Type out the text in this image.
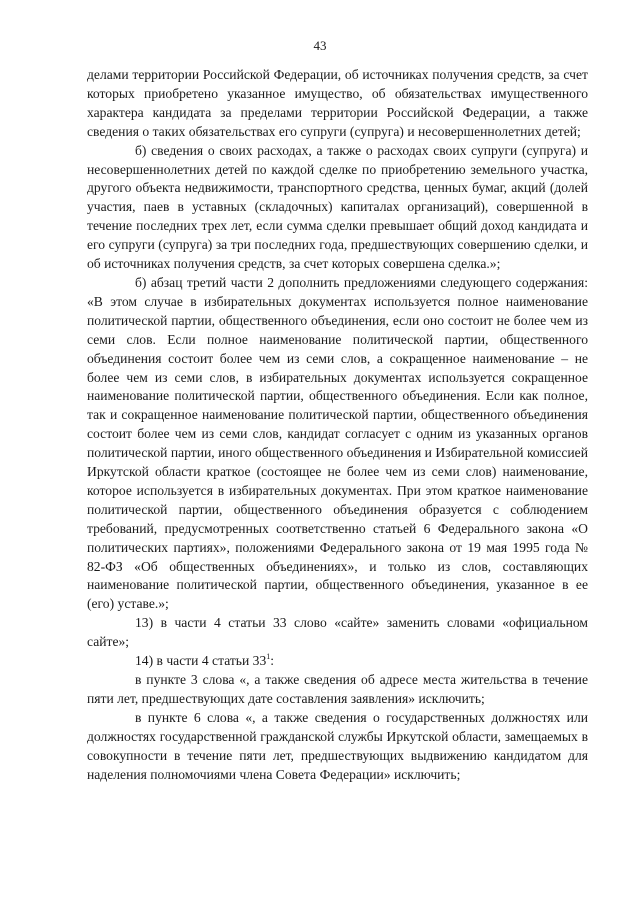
43

делами территории Российской Федерации, об источниках получения средств, за счет которых приобретено указанное имущество, об обязательствах имущественного характера кандидата за пределами территории Российской Федерации, а также сведения о таких обязательствах его супруги (супруга) и несовершеннолетних детей;

б) сведения о своих расходах, а также о расходах своих супруги (супруга) и несовершеннолетних детей по каждой сделке по приобретению земельного участка, другого объекта недвижимости, транспортного средства, ценных бумаг, акций (долей участия, паев в уставных (складочных) капиталах организаций), совершенной в течение последних трех лет, если сумма сделки превышает общий доход кандидата и его супруги (супруга) за три последних года, предшествующих совершению сделки, и об источниках получения средств, за счет которых совершена сделка.»;

б) абзац третий части 2 дополнить предложениями следующего содержания: «В этом случае в избирательных документах используется полное наименование политической партии, общественного объединения, если оно состоит не более чем из семи слов. Если полное наименование политической партии, общественного объединения состоит более чем из семи слов, а сокращенное наименование – не более чем из семи слов, в избирательных документах используется сокращенное наименование политической партии, общественного объединения. Если как полное, так и сокращенное наименование политической партии, общественного объединения состоит более чем из семи слов, кандидат согласует с одним из указанных органов политической партии, иного общественного объединения и Избирательной комиссией Иркутской области краткое (состоящее не более чем из семи слов) наименование, которое используется в избирательных документах. При этом краткое наименование политической партии, общественного объединения образуется с соблюдением требований, предусмотренных соответственно статьей 6 Федерального закона «О политических партиях», положениями Федерального закона от 19 мая 1995 года № 82-ФЗ «Об общественных объединениях», и только из слов, составляющих наименование политической партии, общественного объединения, указанное в ее (его) уставе.»;

13) в части 4 статьи 33 слово «сайте» заменить словами «официальном сайте»;

14) в части 4 статьи $33^1$:

в пункте 3 слова «, а также сведения об адресе места жительства в течение пяти лет, предшествующих дате составления заявления» исключить;

в пункте 6 слова «, а также сведения о государственных должностях или должностях государственной гражданской службы Иркутской области, замещаемых в совокупности в течение пяти лет, предшествующих выдвижению кандидатом для наделения полномочиями члена Совета Федерации» исключить;
